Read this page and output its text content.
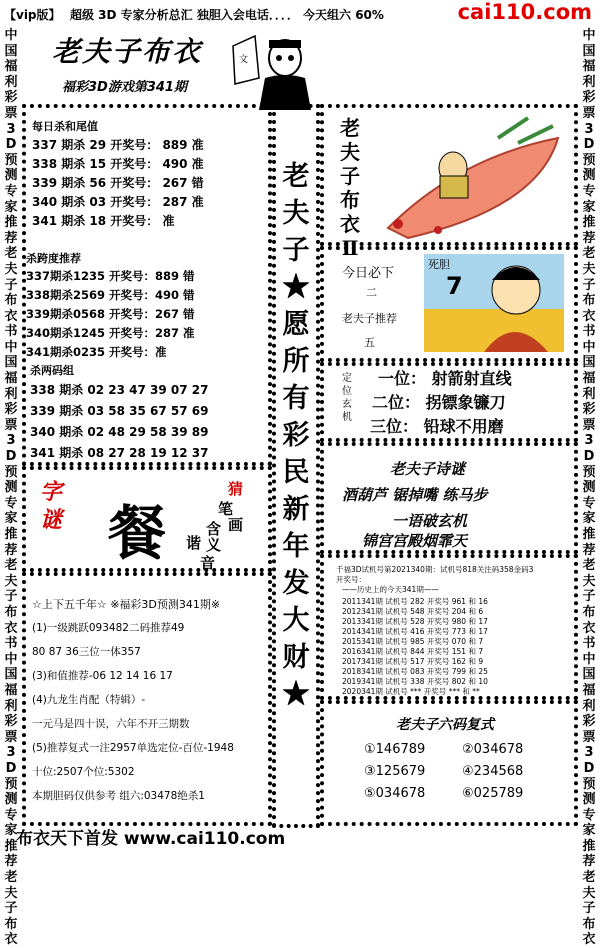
【vip版】 超级 3D 专家分析总汇 独胆入会电话．．．． 今天组六 60%	cai110.com
中国福利彩票3D预测专家推荐老夫子布衣书中国福利彩票3D预测专家推荐老夫子布衣书中国福利彩票3D预测专家推荐老夫子布衣
中国福利彩票3D预测专家推荐老夫子布衣书中国福利彩票3D预测专家推荐老夫子布衣书中国福利彩票3D预测专家推荐老夫子布衣
老夫子布衣
福彩3D游戏第341期
文
每日杀和尾值
337 期杀 29 开奖号： 889 准
338 期杀 15 开奖号： 490 准
339 期杀 56 开奖号： 267 错
340 期杀 03 开奖号： 287 准
341 期杀 18 开奖号： 准
杀跨度推荐
337期杀1235 开奖号：889 错
338期杀2569 开奖号：490 错
339期杀0568 开奖号：267 错
340期杀1245 开奖号：287 准
341期杀0235 开奖号：准
杀两码组
338 期杀 02 23 47 39 07 27
339 期杀 03 58 35 67 57 69
340 期杀 02 48 29 58 39 89
341 期杀 08 27 28 19 12 37
老夫子★愿所有彩民新年发大财★
字谜 餐
猜
笔
画
含
谐 义
音
☆上下五千年☆ ※福彩3D预测341期※
(1)一级跳跃093482二码推荐49
80 87 36三位一体357
(3)和值推荐-06 12 14 16 17
(4)九龙生肖配（特辑）-
一元马是四十误，六年不开三期数
(5)推荐复式一注2957单选定位-百位-1948
十位:2507个位:5302
本期胆码仅供参考 组六:03478绝杀1
老夫子布衣Ⅱ
今日必下
二
老夫子推荐
五
死胆
7
定位玄机
一位： 射箭射直线
二位： 拐镖象镰刀
三位： 铅球不用磨
老夫子诗谜
酒葫芦 锯掉嘴 练马步
一语破玄机
锦宫宫殿烟霏天
千福3D试机号第2021340期：试机号818关注码358金码3
开奖号：
——历史上的今天341期——
2011341期 试机号 282 开奖号 961 和 16
2012341期 试机号 548 开奖号 204 和 6
2013341期 试机号 528 开奖号 980 和 17
2014341期 试机号 416 开奖号 773 和 17
2015341期 试机号 985 开奖号 070 和 7
2016341期 试机号 844 开奖号 151 和 7
2017341期 试机号 517 开奖号 162 和 9
2018341期 试机号 083 开奖号 799 和 25
2019341期 试机号 338 开奖号 802 和 10
2020341期 试机号 *** 开奖号 *** 和 **
老夫子六码复式
①146789	②034678
③125679	④234568
⑤034678	⑥025789
布衣天下首发 www.cai110.com
